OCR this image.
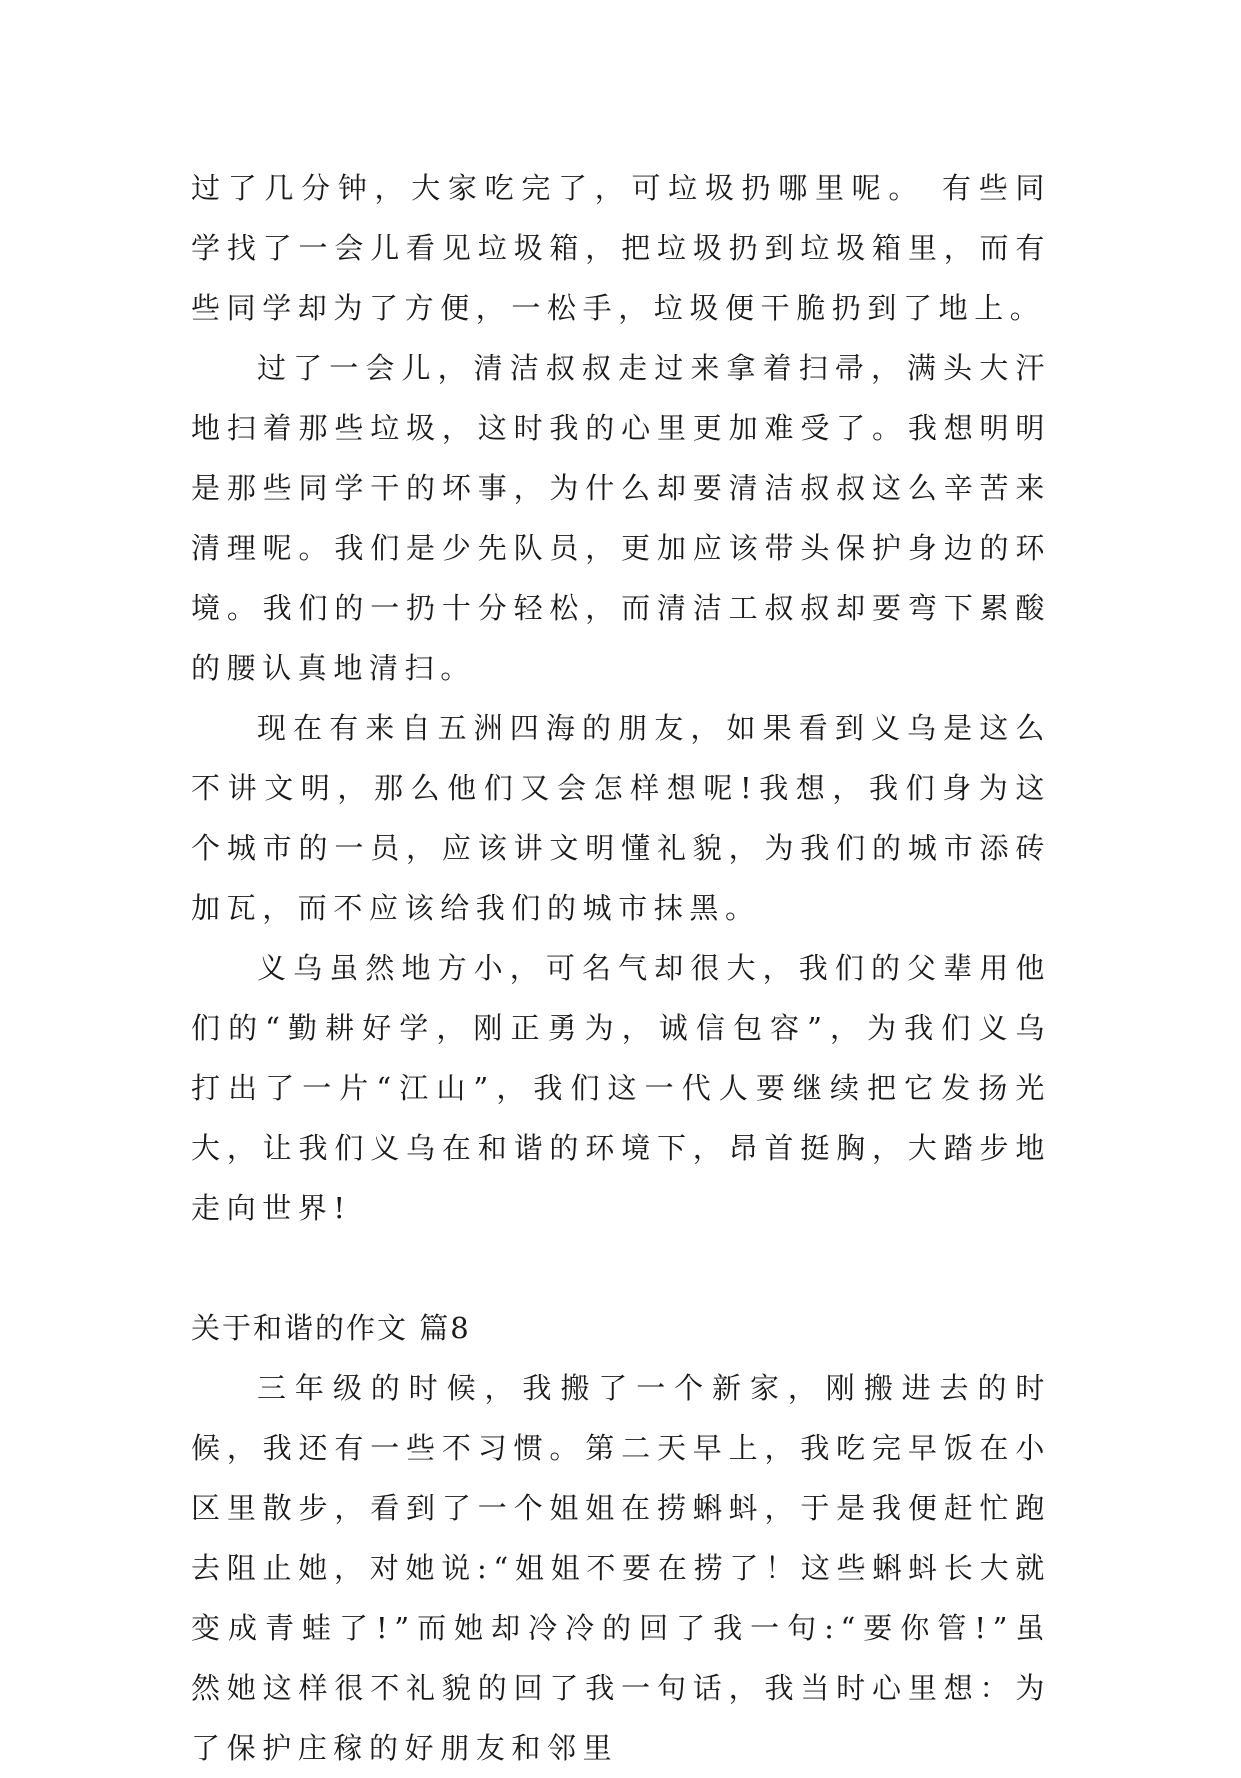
过了几分钟，大家吃完了，可垃圾扔哪里呢。 有些同学找了一会儿看见垃圾箱，把垃圾扔到垃圾箱里，而有些同学却为了方便，一松手，垃圾便干脆扔到了地上。

过了一会儿，清洁叔叔走过来拿着扫帚，满头大汗地扫着那些垃圾，这时我的心里更加难受了。我想明明是那些同学干的坏事，为什么却要清洁叔叔这么辛苦来清理呢。我们是少先队员，更加应该带头保护身边的环境。我们的一扔十分轻松，而清洁工叔叔却要弯下累酸的腰认真地清扫。

现在有来自五洲四海的朋友，如果看到义乌是这么不讲文明，那么他们又会怎样想呢!我想，我们身为这个城市的一员，应该讲文明懂礼貌，为我们的城市添砖加瓦，而不应该给我们的城市抹黑。

义乌虽然地方小，可名气却很大，我们的父辈用他们的“勤耕好学，刚正勇为，诚信包容”，为我们义乌打出了一片“江山”，我们这一代人要继续把它发扬光大，让我们义乌在和谐的环境下，昂首挺胸，大踏步地走向世界!

关于和谐的作文 篇8

三年级的时候，我搬了一个新家，刚搬进去的时候，我还有一些不习惯。第二天早上，我吃完早饭在小区里散步，看到了一个姐姐在捞蝌蚪，于是我便赶忙跑去阻止她，对她说:“姐姐不要在捞了！这些蝌蚪长大就变成青蛙了!”而她却冷冷的回了我一句:“要你管!”虽然她这样很不礼貌的回了我一句话，我当时心里想：为了保护庄稼的好朋友和邻里
